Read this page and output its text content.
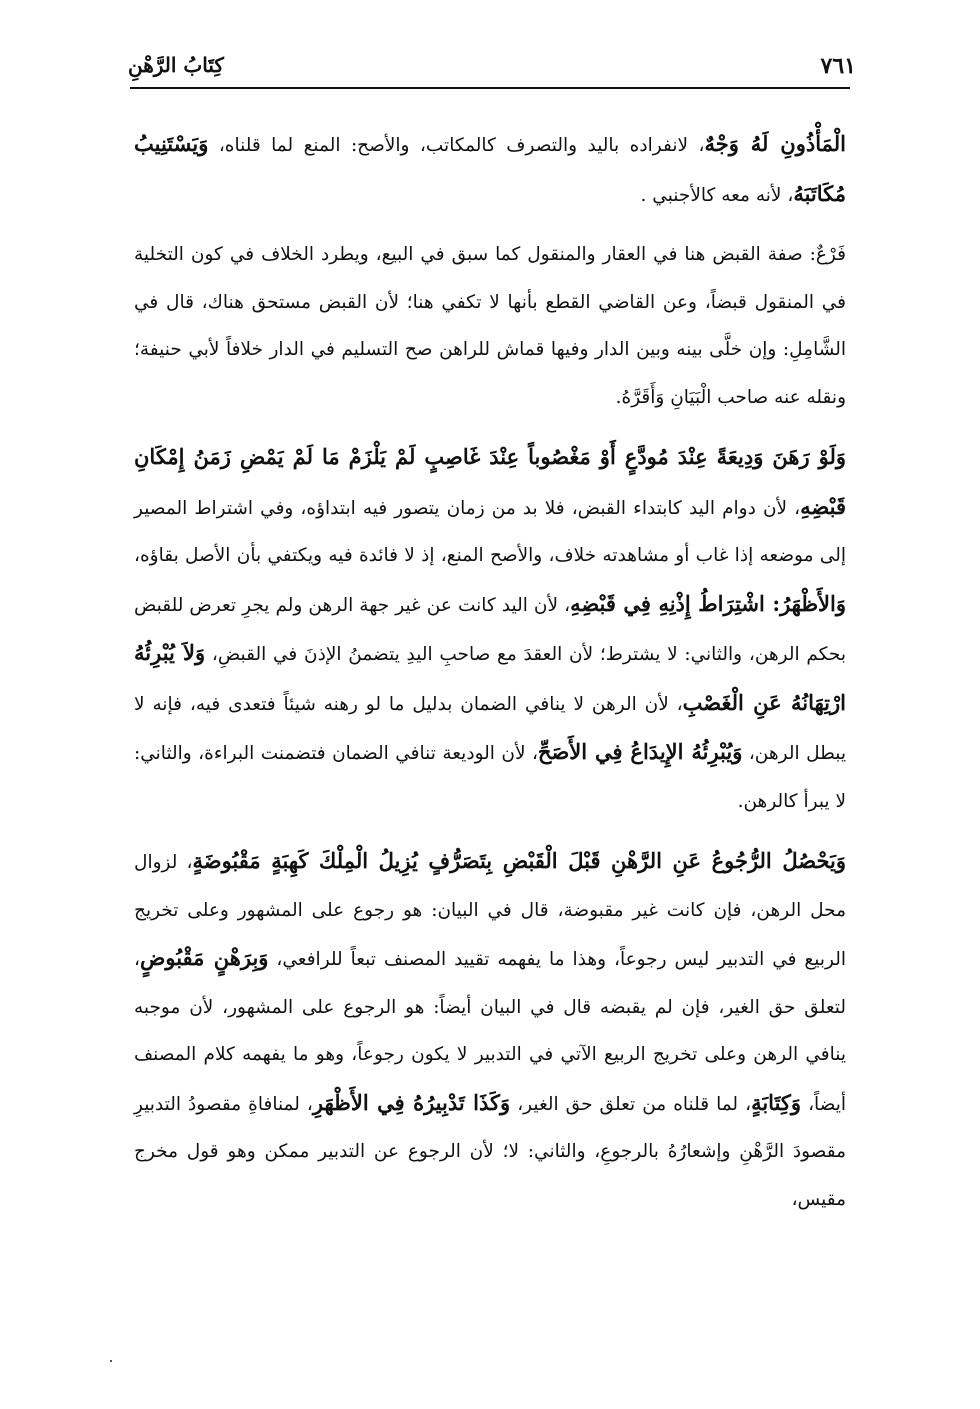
٧٦١
كِتَابُ الرَّهْنِ

الْمَأْذُونِ لَهُ وَجْهٌ، لانفراده باليد والتصرف كالمكاتب، والأصح: المنع لما قلناه، وَيَسْتَنِيبُ مُكَاتَبَهُ، لأنه معه كالأجنبي .

فَرْعٌ: صفة القبض هنا في العقار والمنقول كما سبق في البيع، ويطرد الخلاف في كون التخلية في المنقول قبضاً، وعن القاضي القطع بأنها لا تكفي هنا؛ لأن القبض مستحق هناك، قال في الشَّامِلِ: وإن خلَّى بينه وبين الدار وفيها قماش للراهن صح التسليم في الدار خلافاً لأبي حنيفة؛ ونقله عنه صاحب الْبَيَانِ وَأَقَرَّهُ.

وَلَوْ رَهَنَ وَدِيعَةً عِنْدَ مُودَّعٍ أَوْ مَغْصُوباً عِنْدَ غَاصِبٍ لَمْ يَلْزَمْ مَا لَمْ يَمْضِ زَمَنُ إِمْكَانِ قَبْضِهِ، لأن دوام اليد كابتداء القبض، فلا بد من زمان يتصور فيه ابتداؤه، وفي اشتراط المصير إلى موضعه إذا غاب أو مشاهدته خلاف، والأصح المنع، إذ لا فائدة فيه ويكتفي بأن الأصل بقاؤه، وَالأَظْهَرُ: اشْتِرَاطُ إِذْنِهِ فِي قَبْضِهِ، لأن اليد كانت عن غير جهة الرهن ولم يجرِ تعرض للقبض بحكم الرهن، والثاني: لا يشترط؛ لأن العقدَ مع صاحبِ اليدِ يتضمنُ الإذنَ في القبضِ، وَلاَ يُبْرِئُهُ ارْتِهَانُهُ عَنِ الْغَصْبِ، لأن الرهن لا ينافي الضمان بدليل ما لو رهنه شيئاً فتعدى فيه، فإنه لا يبطل الرهن، وَيُبْرِئُهُ الإِيدَاعُ فِي الأَصَحِّ، لأن الوديعة تنافي الضمان فتضمنت البراءة، والثاني: لا يبرأ كالرهن.

وَيَحْصُلُ الرُّجُوعُ عَنِ الرَّهْنِ قَبْلَ الْقَبْضِ بِتَصَرُّفٍ يُزِيلُ الْمِلْكَ كَهِبَةٍ مَقْبُوضَةٍ، لزوال محل الرهن، فإن كانت غير مقبوضة، قال في البيان: هو رجوع على المشهور وعلى تخريج الربيع في التدبير ليس رجوعاً، وهذا ما يفهمه تقييد المصنف تبعاً للرافعي، وَبِرَهْنٍ مَقْبُوضٍ، لتعلق حق الغير، فإن لم يقبضه قال في البيان أيضاً: هو الرجوع على المشهور، لأن موجبه ينافي الرهن وعلى تخريج الربيع الآتي في التدبير لا يكون رجوعاً، وهو ما يفهمه كلام المصنف أيضاً، وَكِتَابَةٍ، لما قلناه من تعلق حق الغير، وَكَذَا تَدْبِيرُهُ فِي الأَظْهَرِ، لمنافاةِ مقصودُ التدبيرِ مقصودَ الرَّهْنِ وإشعارُهُ بالرجوعِ، والثاني: لا؛ لأن الرجوع عن التدبير ممكن وهو قول مخرج مقيس،
